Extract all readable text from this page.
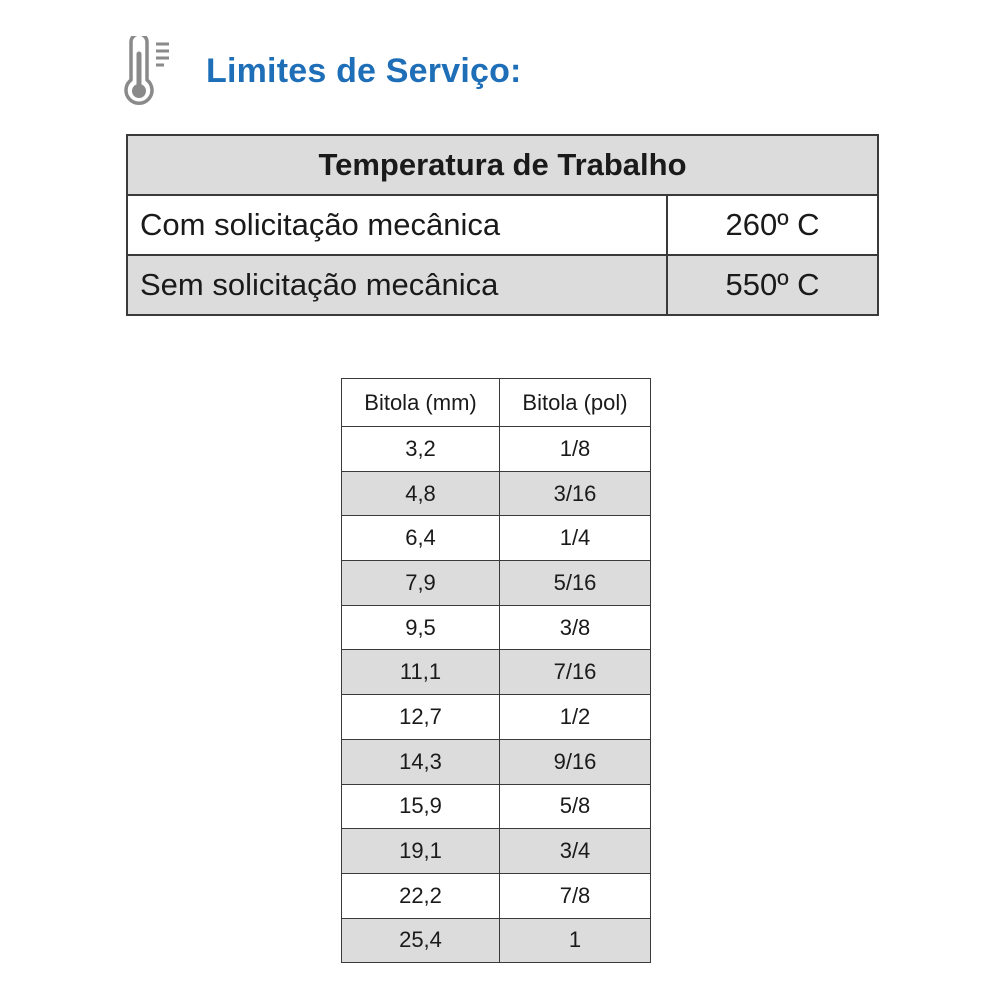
Limites de Serviço:
Temperatura de Trabalho	
Com solicitação mecânica	260º C
Sem solicitação mecânica	550º C
Bitola (mm)	Bitola (pol)
3,2	1/8
4,8	3/16
6,4	1/4
7,9	5/16
9,5	3/8
11,1	7/16
12,7	1/2
14,3	9/16
15,9	5/8
19,1	3/4
22,2	7/8
25,4	1
